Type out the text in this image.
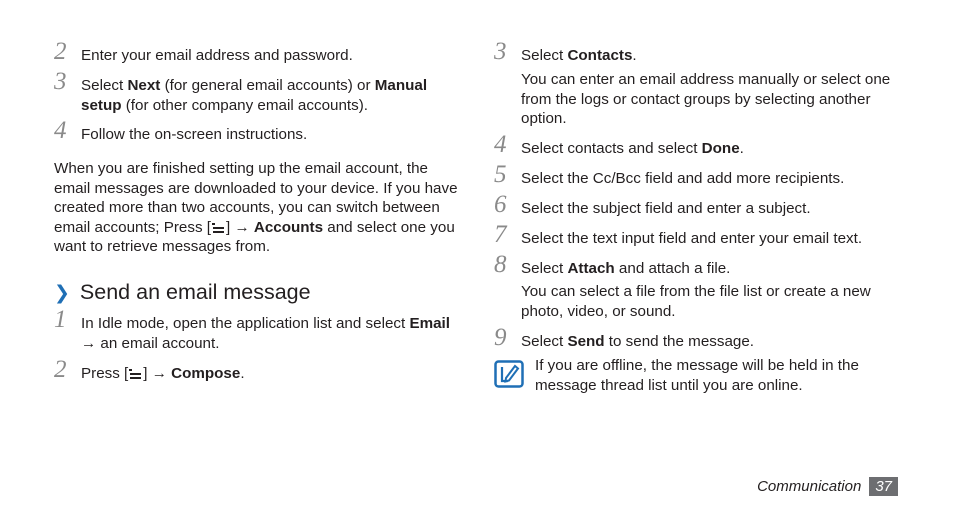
2 Enter your email address and password.
3 Select Next (for general email accounts) or Manual setup (for other company email accounts).
4 Follow the on-screen instructions.
When you are finished setting up the email account, the email messages are downloaded to your device. If you have created more than two accounts, you can switch between email accounts; Press [ ] → Accounts and select one you want to retrieve messages from.
❯ Send an email message
1 In Idle mode, open the application list and select Email → an email account.
2 Press [ ] → Compose.
3 Select Contacts.
You can enter an email address manually or select one from the logs or contact groups by selecting another option.
4 Select contacts and select Done.
5 Select the Cc/Bcc field and add more recipients.
6 Select the subject field and enter a subject.
7 Select the text input field and enter your email text.
8 Select Attach and attach a file.
You can select a file from the file list or create a new photo, video, or sound.
9 Select Send to send the message.
If you are offline, the message will be held in the message thread list until you are online.
Communication 37
